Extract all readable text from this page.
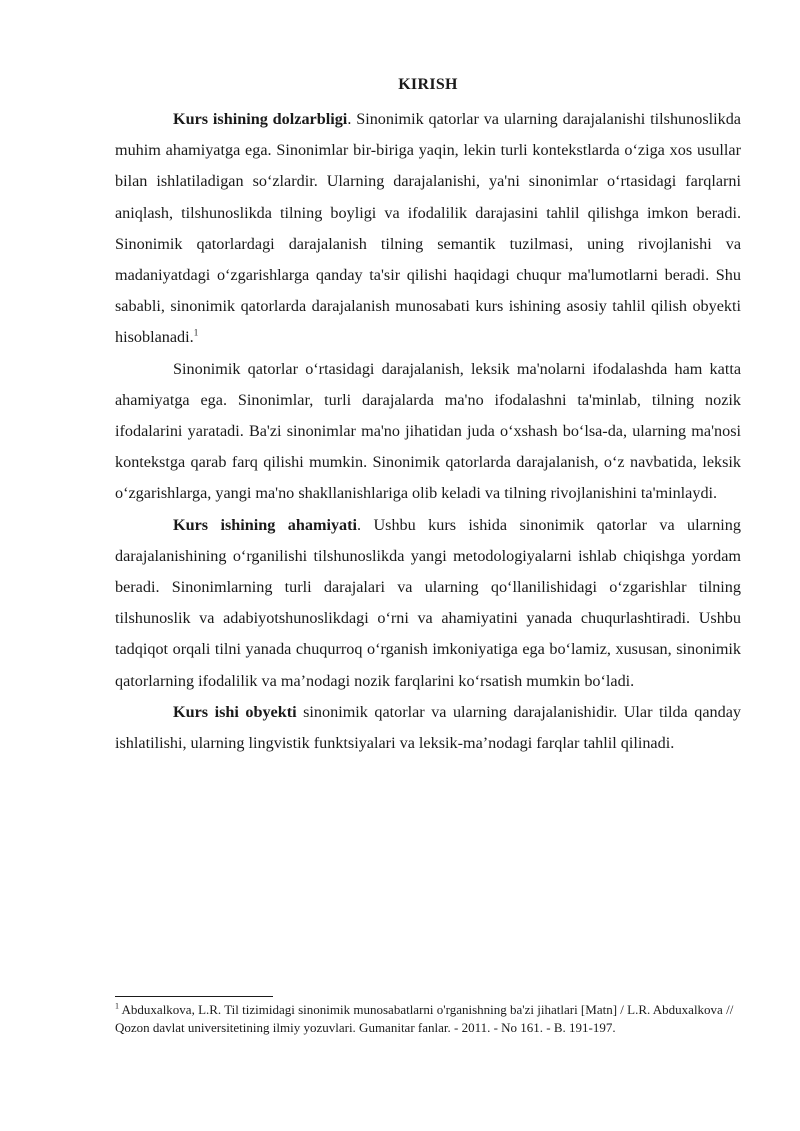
KIRISH

Kurs ishining dolzarbligi. Sinonimik qatorlar va ularning darajalanishi tilshunoslikda muhim ahamiyatga ega. Sinonimlar bir-biriga yaqin, lekin turli kontekstlarda o‘ziga xos usullar bilan ishlatiladigan so‘zlardir. Ularning darajalanishi, ya'ni sinonimlar o‘rtasidagi farqlarni aniqlash, tilshunoslikda tilning boyligi va ifodalilik darajasini tahlil qilishga imkon beradi. Sinonimik qatorlardagi darajalanish tilning semantik tuzilmasi, uning rivojlanishi va madaniyatdagi o‘zgarishlarga qanday ta'sir qilishi haqidagi chuqur ma'lumotlarni beradi. Shu sababli, sinonimik qatorlarda darajalanish munosabati kurs ishining asosiy tahlil qilish obyekti hisoblanadi.$^1$

Sinonimik qatorlar o‘rtasidagi darajalanish, leksik ma'nolarni ifodalashda ham katta ahamiyatga ega. Sinonimlar, turli darajalarda ma'no ifodalashni ta'minlab, tilning nozik ifodalarini yaratadi. Ba'zi sinonimlar ma'no jihatidan juda o‘xshash bo‘lsa-da, ularning ma'nosi kontekstga qarab farq qilishi mumkin. Sinonimik qatorlarda darajalanish, o‘z navbatida, leksik o‘zgarishlarga, yangi ma'no shakllanishlariga olib keladi va tilning rivojlanishini ta'minlaydi.

Kurs ishining ahamiyati. Ushbu kurs ishida sinonimik qatorlar va ularning darajalanishining o‘rganilishi tilshunoslikda yangi metodologiyalarni ishlab chiqishga yordam beradi. Sinonimlarning turli darajalari va ularning qo‘llanilishidagi o‘zgarishlar tilning tilshunoslik va adabiyotshunoslikdagi o‘rni va ahamiyatini yanada chuqurlashtiradi. Ushbu tadqiqot orqali tilni yanada chuqurroq o‘rganish imkoniyatiga ega bo‘lamiz, xususan, sinonimik qatorlarning ifodalilik va ma’nodagi nozik farqlarini ko‘rsatish mumkin bo‘ladi.

Kurs ishi obyekti sinonimik qatorlar va ularning darajalanishidir. Ular tilda qanday ishlatilishi, ularning lingvistik funktsiyalari va leksik-ma’nodagi farqlar tahlil qilinadi.

$^1$ Abduxalkova, L.R. Til tizimidagi sinonimik munosabatlarni o'rganishning ba'zi jihatlari [Matn] / L.R. Abduxalkova // Qozon davlat universitetining ilmiy yozuvlari. Gumanitar fanlar. - 2011. - No 161. - B. 191-197.
